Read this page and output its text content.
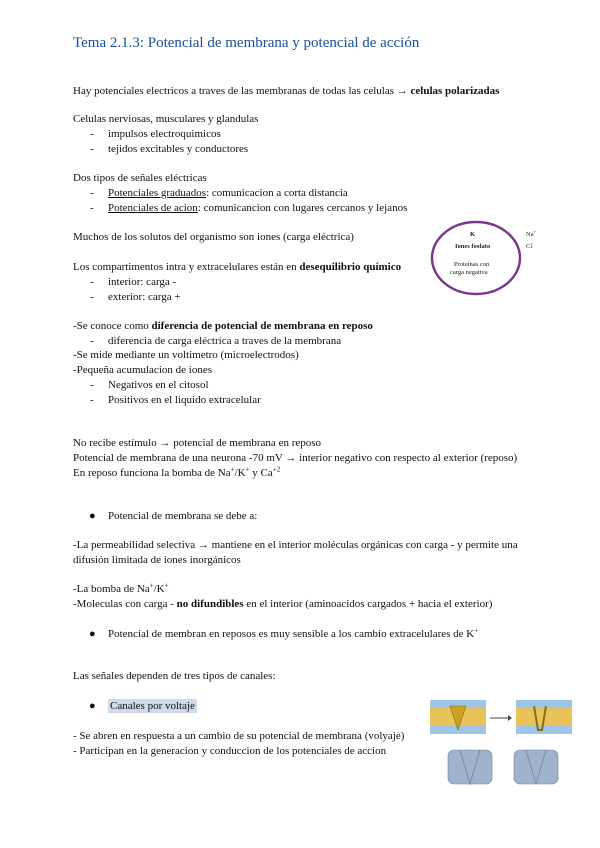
Tema 2.1.3: Potencial de membrana y potencial de acción
Hay potenciales electricos a traves de las membranas de todas las celulas → celulas polarizadas
Celulas nerviosas, musculares y glandulas
- impulsos electroquimicos
- tejidos excitables y conductores
Dos tipos de señales eléctricas
- Potenciales graduados: comunicacion a corta distancia
- Potenciales de acion: comunicancion con lugares cercanos y lejanos
Muchos de los solutos del organismo son iones (carga eléctrica)
Los compartimentos intra y extracelulares están en desequilibrio químico
- interior: carga -
- exterior: carga +
-Se conoce como diferencia de potencial de membrana en reposo
- diferencia de carga eléctrica a traves de la membrana
-Se mide mediante un voltimetro (microelectrodos)
-Pequeña acumulacion de iones
- Negativos en el citosol
- Positivos en el liquido extracelular
No recibe estímulo → potencial de membrana en reposo
Potencial de membrana de una neurona -70 mV → interior negativo con respecto al exterior (reposo)
En reposo funciona la bomba de Na+/K+ y $Ca^{+2}$
● Potencial de membrana se debe a:
-La permeabilidad selectiva → mantiene en el interior moléculas orgánicas con carga - y permite una
difusión limitada de iones inorgánicos
-La bomba de Na+/K+
-Moleculas con carga - no difundibles en el interior (aminoacidos cargados + hacia el exterior)
● Potencial de membran en reposos es muy sensible a los cambio extracelulares de K+
Las señales dependen de tres tipos de canales:
● Canales por voltaje
- Se abren en respuesta a un cambio de su potencial de membrana (volyaje)
- Participan en la generacion y conduccion de los potenciales de accion
K
Iones fosfato
Proteínas con
carga negativa
Na+
Cl-
